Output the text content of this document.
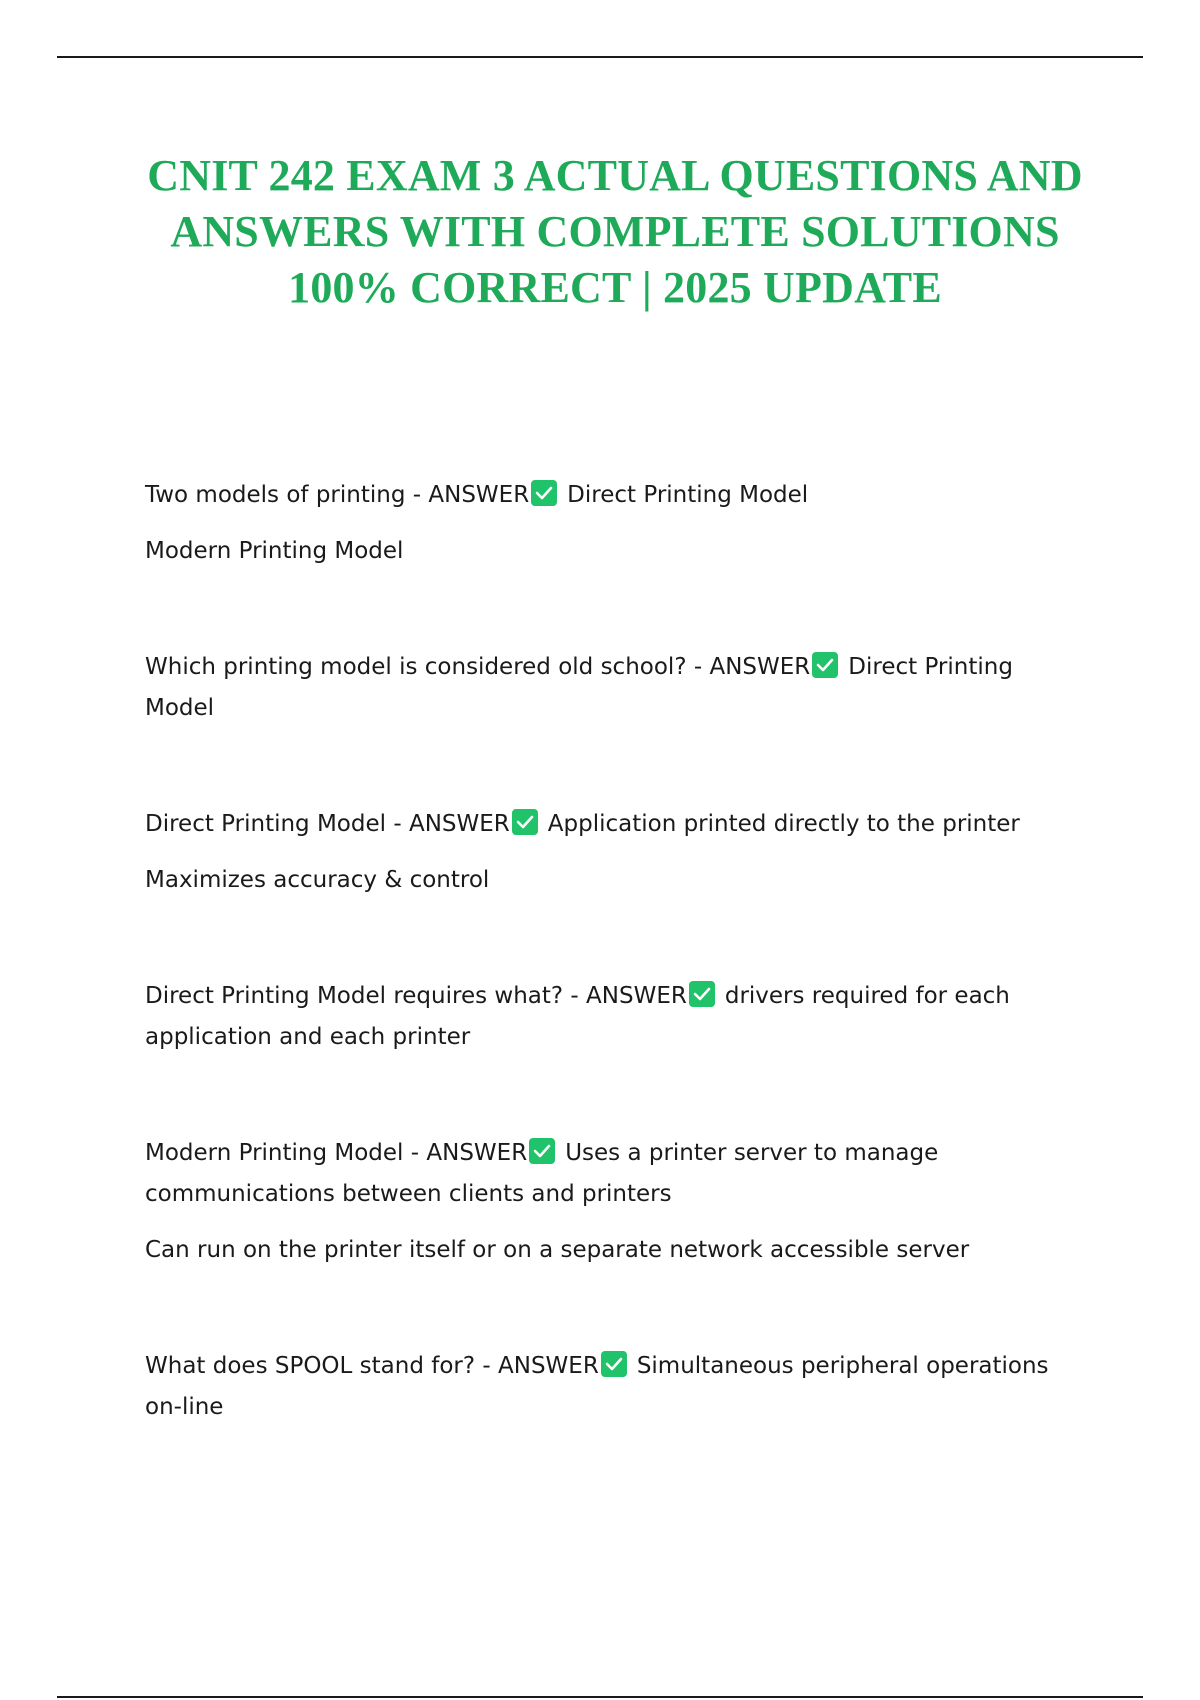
CNIT 242 EXAM 3 ACTUAL QUESTIONS AND ANSWERS WITH COMPLETE SOLUTIONS 100% CORRECT | 2025 UPDATE

Two models of printing - ANSWER Direct Printing Model

Modern Printing Model

Which printing model is considered old school? - ANSWER Direct Printing Model

Direct Printing Model - ANSWER Application printed directly to the printer

Maximizes accuracy & control

Direct Printing Model requires what? - ANSWER drivers required for each application and each printer

Modern Printing Model - ANSWER Uses a printer server to manage communications between clients and printers

Can run on the printer itself or on a separate network accessible server

What does SPOOL stand for? - ANSWER Simultaneous peripheral operations on-line
